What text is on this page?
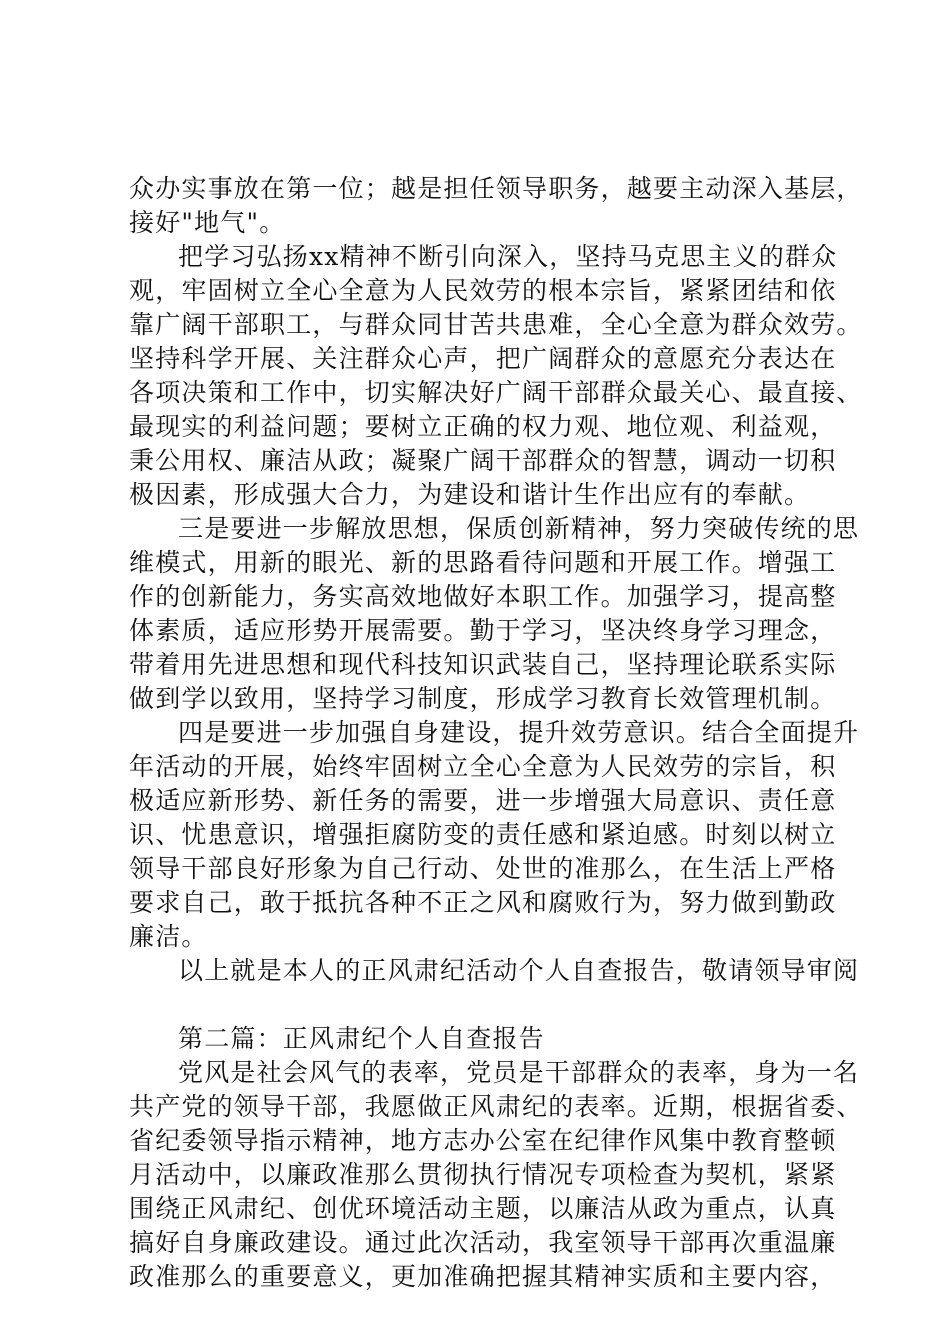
众办实事放在第一位；越是担任领导职务，越要主动深入基层，
接好"地气"。
把学习弘扬xx精神不断引向深入，坚持马克思主义的群众
观，牢固树立全心全意为人民效劳的根本宗旨，紧紧团结和依
靠广阔干部职工，与群众同甘苦共患难，全心全意为群众效劳。
坚持科学开展、关注群众心声，把广阔群众的意愿充分表达在
各项决策和工作中，切实解决好广阔干部群众最关心、最直接、
最现实的利益问题；要树立正确的权力观、地位观、利益观，
秉公用权、廉洁从政；凝聚广阔干部群众的智慧，调动一切积
极因素，形成强大合力，为建设和谐计生作出应有的奉献。
三是要进一步解放思想，保质创新精神，努力突破传统的思
维模式，用新的眼光、新的思路看待问题和开展工作。增强工
作的创新能力，务实高效地做好本职工作。加强学习，提高整
体素质，适应形势开展需要。勤于学习，坚决终身学习理念，
带着用先进思想和现代科技知识武装自己，坚持理论联系实际
做到学以致用，坚持学习制度，形成学习教育长效管理机制。
四是要进一步加强自身建设，提升效劳意识。结合全面提升
年活动的开展，始终牢固树立全心全意为人民效劳的宗旨，积
极适应新形势、新任务的需要，进一步增强大局意识、责任意
识、忧患意识，增强拒腐防变的责任感和紧迫感。时刻以树立
领导干部良好形象为自己行动、处世的准那么，在生活上严格
要求自己，敢于抵抗各种不正之风和腐败行为，努力做到勤政
廉洁。
以上就是本人的正风肃纪活动个人自查报告，敬请领导审阅
第二篇：正风肃纪个人自查报告
党风是社会风气的表率，党员是干部群众的表率，身为一名
共产党的领导干部，我愿做正风肃纪的表率。近期，根据省委、
省纪委领导指示精神，地方志办公室在纪律作风集中教育整顿
月活动中，以廉政准那么贯彻执行情况专项检查为契机，紧紧
围绕正风肃纪、创优环境活动主题，以廉洁从政为重点，认真
搞好自身廉政建设。通过此次活动，我室领导干部再次重温廉
政准那么的重要意义，更加准确把握其精神实质和主要内容，
